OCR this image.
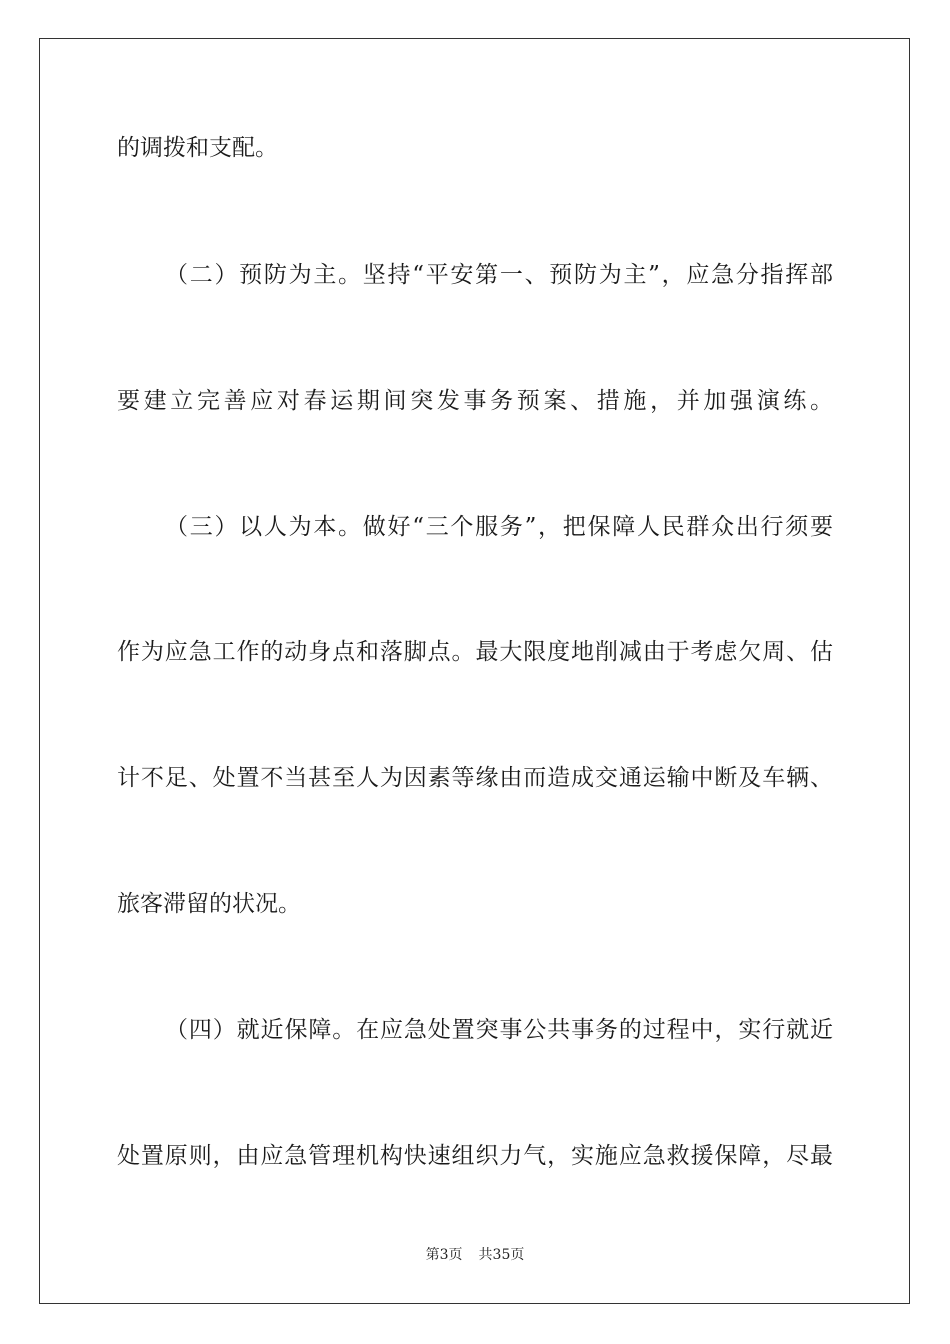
的调拨和支配。
（二）预防为主。坚持“平安第一、预防为主”，应急分指挥部
要建立完善应对春运期间突发事务预案、措施，并加强演练。
（三）以人为本。做好“三个服务”，把保障人民群众出行须要
作为应急工作的动身点和落脚点。最大限度地削减由于考虑欠周、估
计不足、处置不当甚至人为因素等缘由而造成交通运输中断及车辆、
旅客滞留的状况。
（四）就近保障。在应急处置突事公共事务的过程中，实行就近
处置原则，由应急管理机构快速组织力气，实施应急救援保障，尽最
第3页 共35页
